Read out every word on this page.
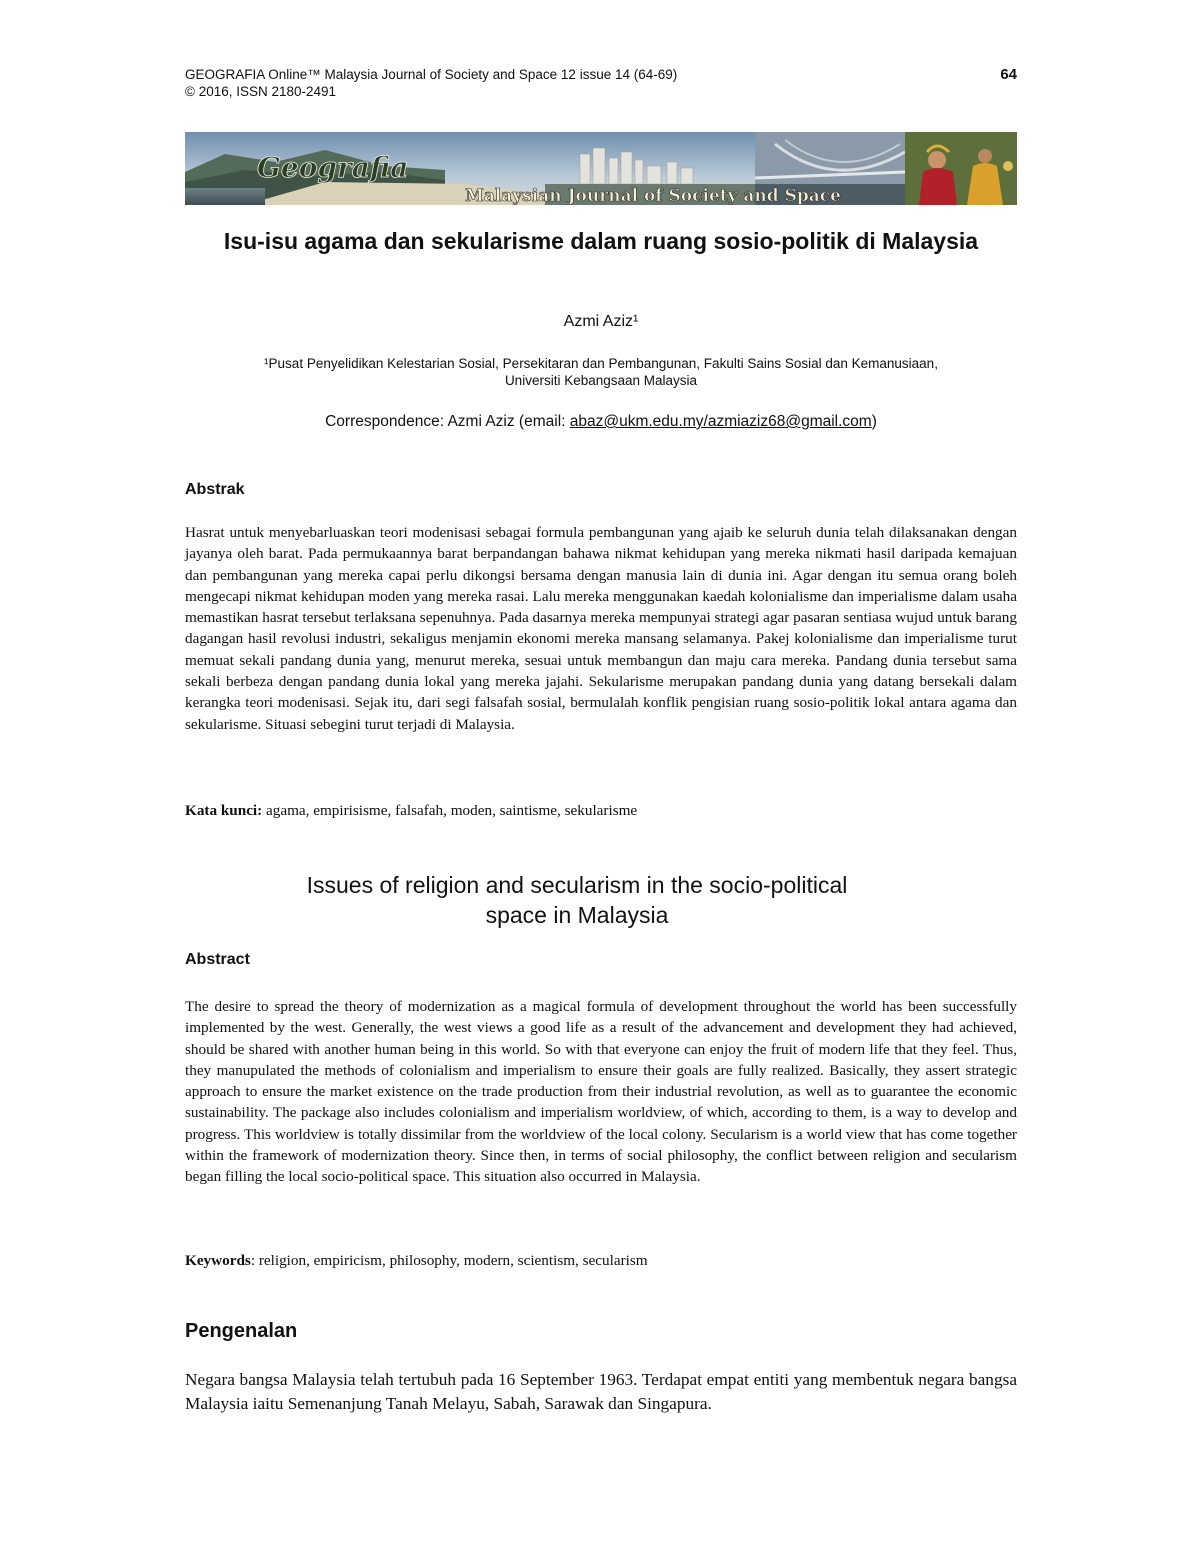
GEOGRAFIA Online™ Malaysia Journal of Society and Space 12 issue 14 (64-69)	64
© 2016, ISSN 2180-2491
Geografia
Malaysian Journal of Society and Space
Isu-isu agama dan sekularisme dalam ruang sosio-politik di Malaysia
Azmi Aziz¹
¹Pusat Penyelidikan Kelestarian Sosial, Persekitaran dan Pembangunan, Fakulti Sains Sosial dan Kemanusiaan,
Universiti Kebangsaan Malaysia
Correspondence: Azmi Aziz (email: abaz@ukm.edu.my/azmiaziz68@gmail.com)
Abstrak

Hasrat untuk menyebarluaskan teori modenisasi sebagai formula pembangunan yang ajaib ke seluruh dunia telah dilaksanakan dengan jayanya oleh barat. Pada permukaannya barat berpandangan bahawa nikmat kehidupan yang mereka nikmati hasil daripada kemajuan dan pembangunan yang mereka capai perlu dikongsi bersama dengan manusia lain di dunia ini. Agar dengan itu semua orang boleh mengecapi nikmat kehidupan moden yang mereka rasai. Lalu mereka menggunakan kaedah kolonialisme dan imperialisme dalam usaha memastikan hasrat tersebut terlaksana sepenuhnya. Pada dasarnya mereka mempunyai strategi agar pasaran sentiasa wujud untuk barang dagangan hasil revolusi industri, sekaligus menjamin ekonomi mereka mansang selamanya. Pakej kolonialisme dan imperialisme turut memuat sekali pandang dunia yang, menurut mereka, sesuai untuk membangun dan maju cara mereka. Pandang dunia tersebut sama sekali berbeza dengan pandang dunia lokal yang mereka jajahi. Sekularisme merupakan pandang dunia yang datang bersekali dalam kerangka teori modenisasi. Sejak itu, dari segi falsafah sosial, bermulalah konflik pengisian ruang sosio-politik lokal antara agama dan sekularisme. Situasi sebegini turut terjadi di Malaysia.

Kata kunci: agama, empirisisme, falsafah, moden, saintisme, sekularisme
Issues of religion and secularism in the socio-political
space in Malaysia
Abstract

The desire to spread the theory of modernization as a magical formula of development throughout the world has been successfully implemented by the west. Generally, the west views a good life as a result of the advancement and development they had achieved, should be shared with another human being in this world. So with that everyone can enjoy the fruit of modern life that they feel. Thus, they manupulated the methods of colonialism and imperialism to ensure their goals are fully realized. Basically, they assert strategic approach to ensure the market existence on the trade production from their industrial revolution, as well as to guarantee the economic sustainability. The package also includes colonialism and imperialism worldview, of which, according to them, is a way to develop and progress. This worldview is totally dissimilar from the worldview of the local colony. Secularism is a world view that has come together within the framework of modernization theory. Since then, in terms of social philosophy, the conflict between religion and secularism began filling the local socio-political space. This situation also occurred in Malaysia.

Keywords: religion, empiricism, philosophy, modern, scientism, secularism
Pengenalan

Negara bangsa Malaysia telah tertubuh pada 16 September 1963. Terdapat empat entiti yang membentuk negara bangsa Malaysia iaitu Semenanjung Tanah Melayu, Sabah, Sarawak dan Singapura.
